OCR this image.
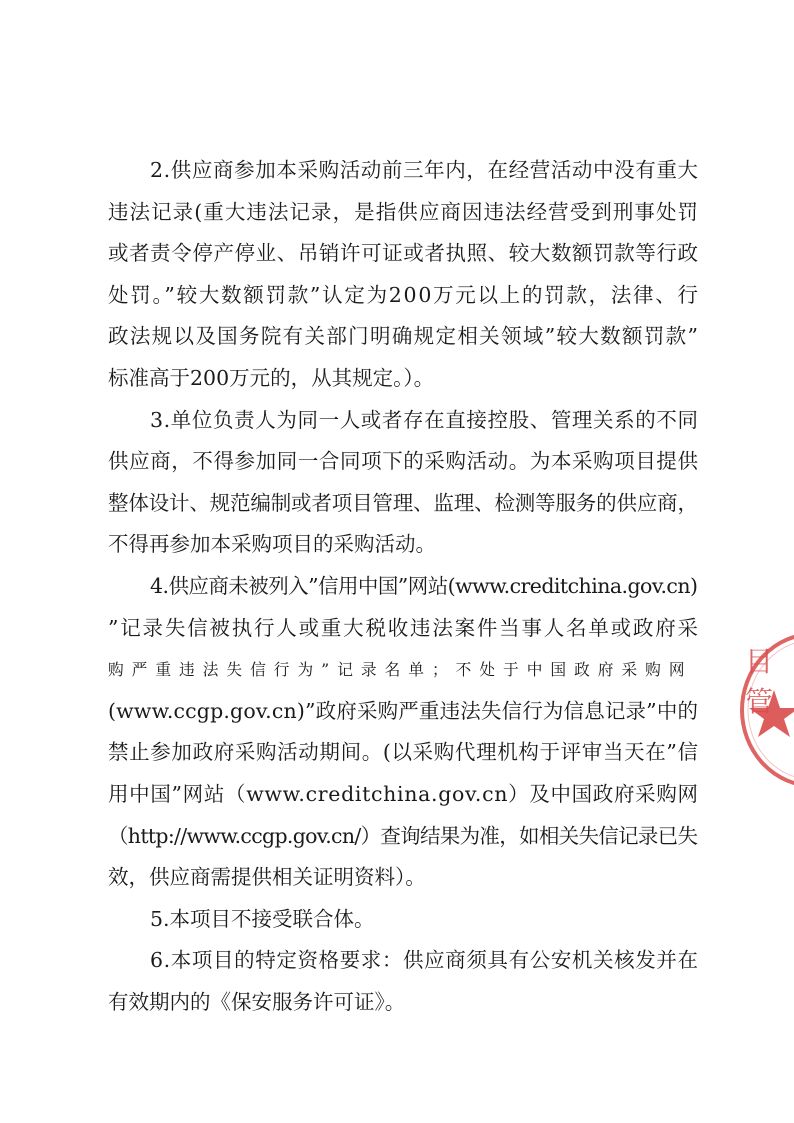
2.供应商参加本采购活动前三年内，在经营活动中没有重大
违法记录(重大违法记录，是指供应商因违法经营受到刑事处罚
或者责令停产停业、吊销许可证或者执照、较大数额罚款等行政
处罚。”较大数额罚款”认定为200万元以上的罚款，法律、行
政法规以及国务院有关部门明确规定相关领域”较大数额罚款”
标准高于200万元的，从其规定。）。
3.单位负责人为同一人或者存在直接控股、管理关系的不同
供应商，不得参加同一合同项下的采购活动。为本采购项目提供
整体设计、规范编制或者项目管理、监理、检测等服务的供应商，
不得再参加本采购项目的采购活动。
4.供应商未被列入”信用中国”网站(www.creditchina.gov.cn)
”记录失信被执行人或重大税收违法案件当事人名单或政府采
购严重违法失信行为”记录名单；不处于中国政府采购网
(www.ccgp.gov.cn)”政府采购严重违法失信行为信息记录”中的
禁止参加政府采购活动期间。(以采购代理机构于评审当天在”信
用中国”网站（www.creditchina.gov.cn）及中国政府采购网
（http://www.ccgp.gov.cn/）查询结果为准，如相关失信记录已失
效，供应商需提供相关证明资料）。
5.本项目不接受联合体。
6.本项目的特定资格要求：供应商须具有公安机关核发并在
有效期内的《保安服务许可证》。
目管
